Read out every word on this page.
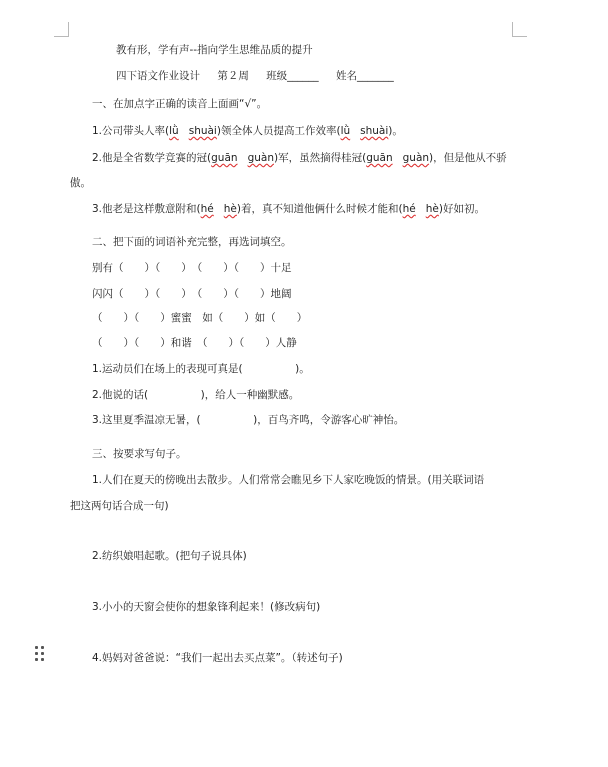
教有形，学有声--指向学生思维品质的提升
四下语文作业设计 第２周 班级______ 姓名_______
一、在加点字正确的读音上面画“√”。
1.公司带头人率(lǜ shuài)领全体人员提高工作效率(lǜ shuài)。
2.他是全省数学竞赛的冠(guān guàn)军，虽然摘得桂冠(guān guàn)，但是他从不骄
傲。
3.他老是这样敷意附和(hé hè)着，真不知道他俩什么时候才能和(hé hè)好如初。
二、把下面的词语补充完整，再选词填空。
别有（　　）（　　）　（　　）（　　）十足
闪闪（　　）（　　）　（　　）（　　）地阔
（　　）（　　）蜜蜜　如（　　）如（　　）
（　　）（　　）和谐　（　　）（　　）人静
1.运动员们在场上的表现可真是(　　　　　)。
2.他说的话(　　　　　)，给人一种幽默感。
3.这里夏季温凉无暑，(　　　　　)，百鸟齐鸣，令游客心旷神怡。
三、按要求写句子。
1.人们在夏天的傍晚出去散步。人们常常会瞧见乡下人家吃晚饭的情景。(用关联词语
把这两句话合成一句)
2.纺织娘唱起歌。(把句子说具体)
3.小小的天窗会使你的想象锋利起来！(修改病句)
4.妈妈对爸爸说：“我们一起出去买点菜”。（转述句子)
